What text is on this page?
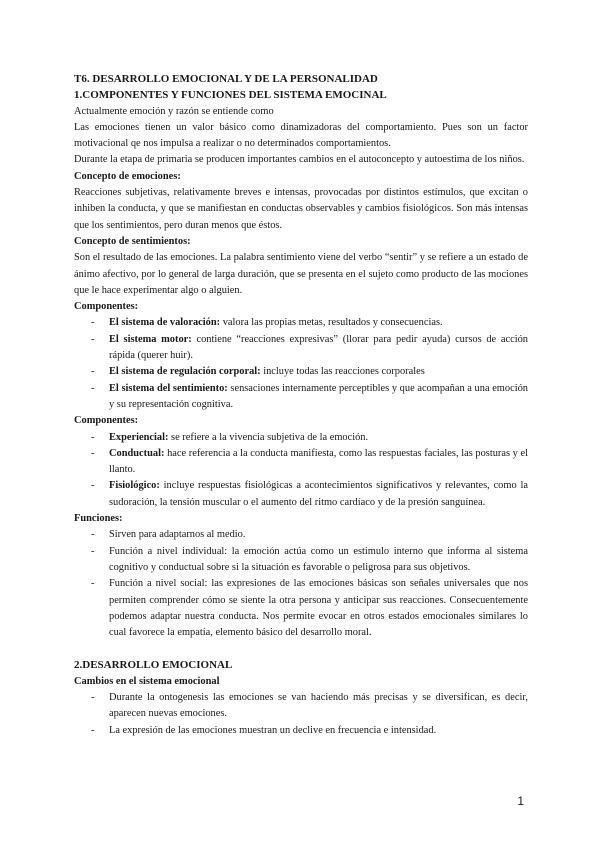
T6. DESARROLLO EMOCIONAL Y DE LA PERSONALIDAD

1.COMPONENTES Y FUNCIONES DEL SISTEMA EMOCINAL

Actualmente emoción y razón se entiende como

Las emociones tienen un valor básico como dinamizadoras del comportamiento. Pues son un factor motivacional qe nos impulsa a realizar o no determinados comportamientos.

Durante la etapa de primaria se producen importantes cambios en el autoconcepto y autoestima de los niños.

Concepto de emociones:

Reacciones subjetivas, relativamente breves e intensas, provocadas por distintos estímulos, que excitan o inhiben la conducta, y que se manifiestan en conductas observables y cambios fisiológicos. Son más intensas que los sentimientos, pero duran menos que éstos.

Concepto de sentimientos:

Son el resultado de las emociones. La palabra sentimiento viene del verbo “sentir” y se refiere a un estado de ánimo afectivo, por lo general de larga duración, que se presenta en el sujeto como producto de las mociones que le hace experimentar algo o alguien.

Componentes:

- El sistema de valoración: valora las propias metas, resultados y consecuencias.
- El sistema motor: contiene “reacciones expresivas” (llorar para pedir ayuda) cursos de acción rápida (querer huir).
- El sistema de regulación corporal: incluye todas las reacciones corporales
- El sistema del sentimiento: sensaciones internamente perceptibles y que acompañan a una emoción y su representación cognitiva.

Componentes:

- Experiencial: se refiere a la vivencia subjetiva de la emoción.
- Conductual: hace referencia a la conducta manifiesta, como las respuestas faciales, las posturas y el llanto.
- Fisiológico: incluye respuestas fisiológicas a acontecimientos significativos y relevantes, como la sudoración, la tensión muscular o el aumento del ritmo cardíaco y de la presión sanguínea.

Funciones:

- Sirven para adaptarnos al medio.
- Función a nivel individual: la emoción actúa como un estimulo interno que informa al sistema cognitivo y conductual sobre si la situación es favorable o peligrosa para sus objetivos.
- Función a nivel social: las expresiones de las emociones básicas son señales universales que nos permiten comprender cómo se siente la otra persona y anticipar sus reacciones. Consecuentemente podemos adaptar nuestra conducta. Nos permite evocar en otros estados emocionales similares lo cual favorece la empatía, elemento básico del desarrollo moral.

2.DESARROLLO EMOCIONAL

Cambios en el sistema emocional

- Durante la ontogenesis las emociones se van haciendo más precisas y se diversifican, es decir, aparecen nuevas emociones.
- La expresión de las emociones muestran un declive en frecuencia e intensidad.
1
